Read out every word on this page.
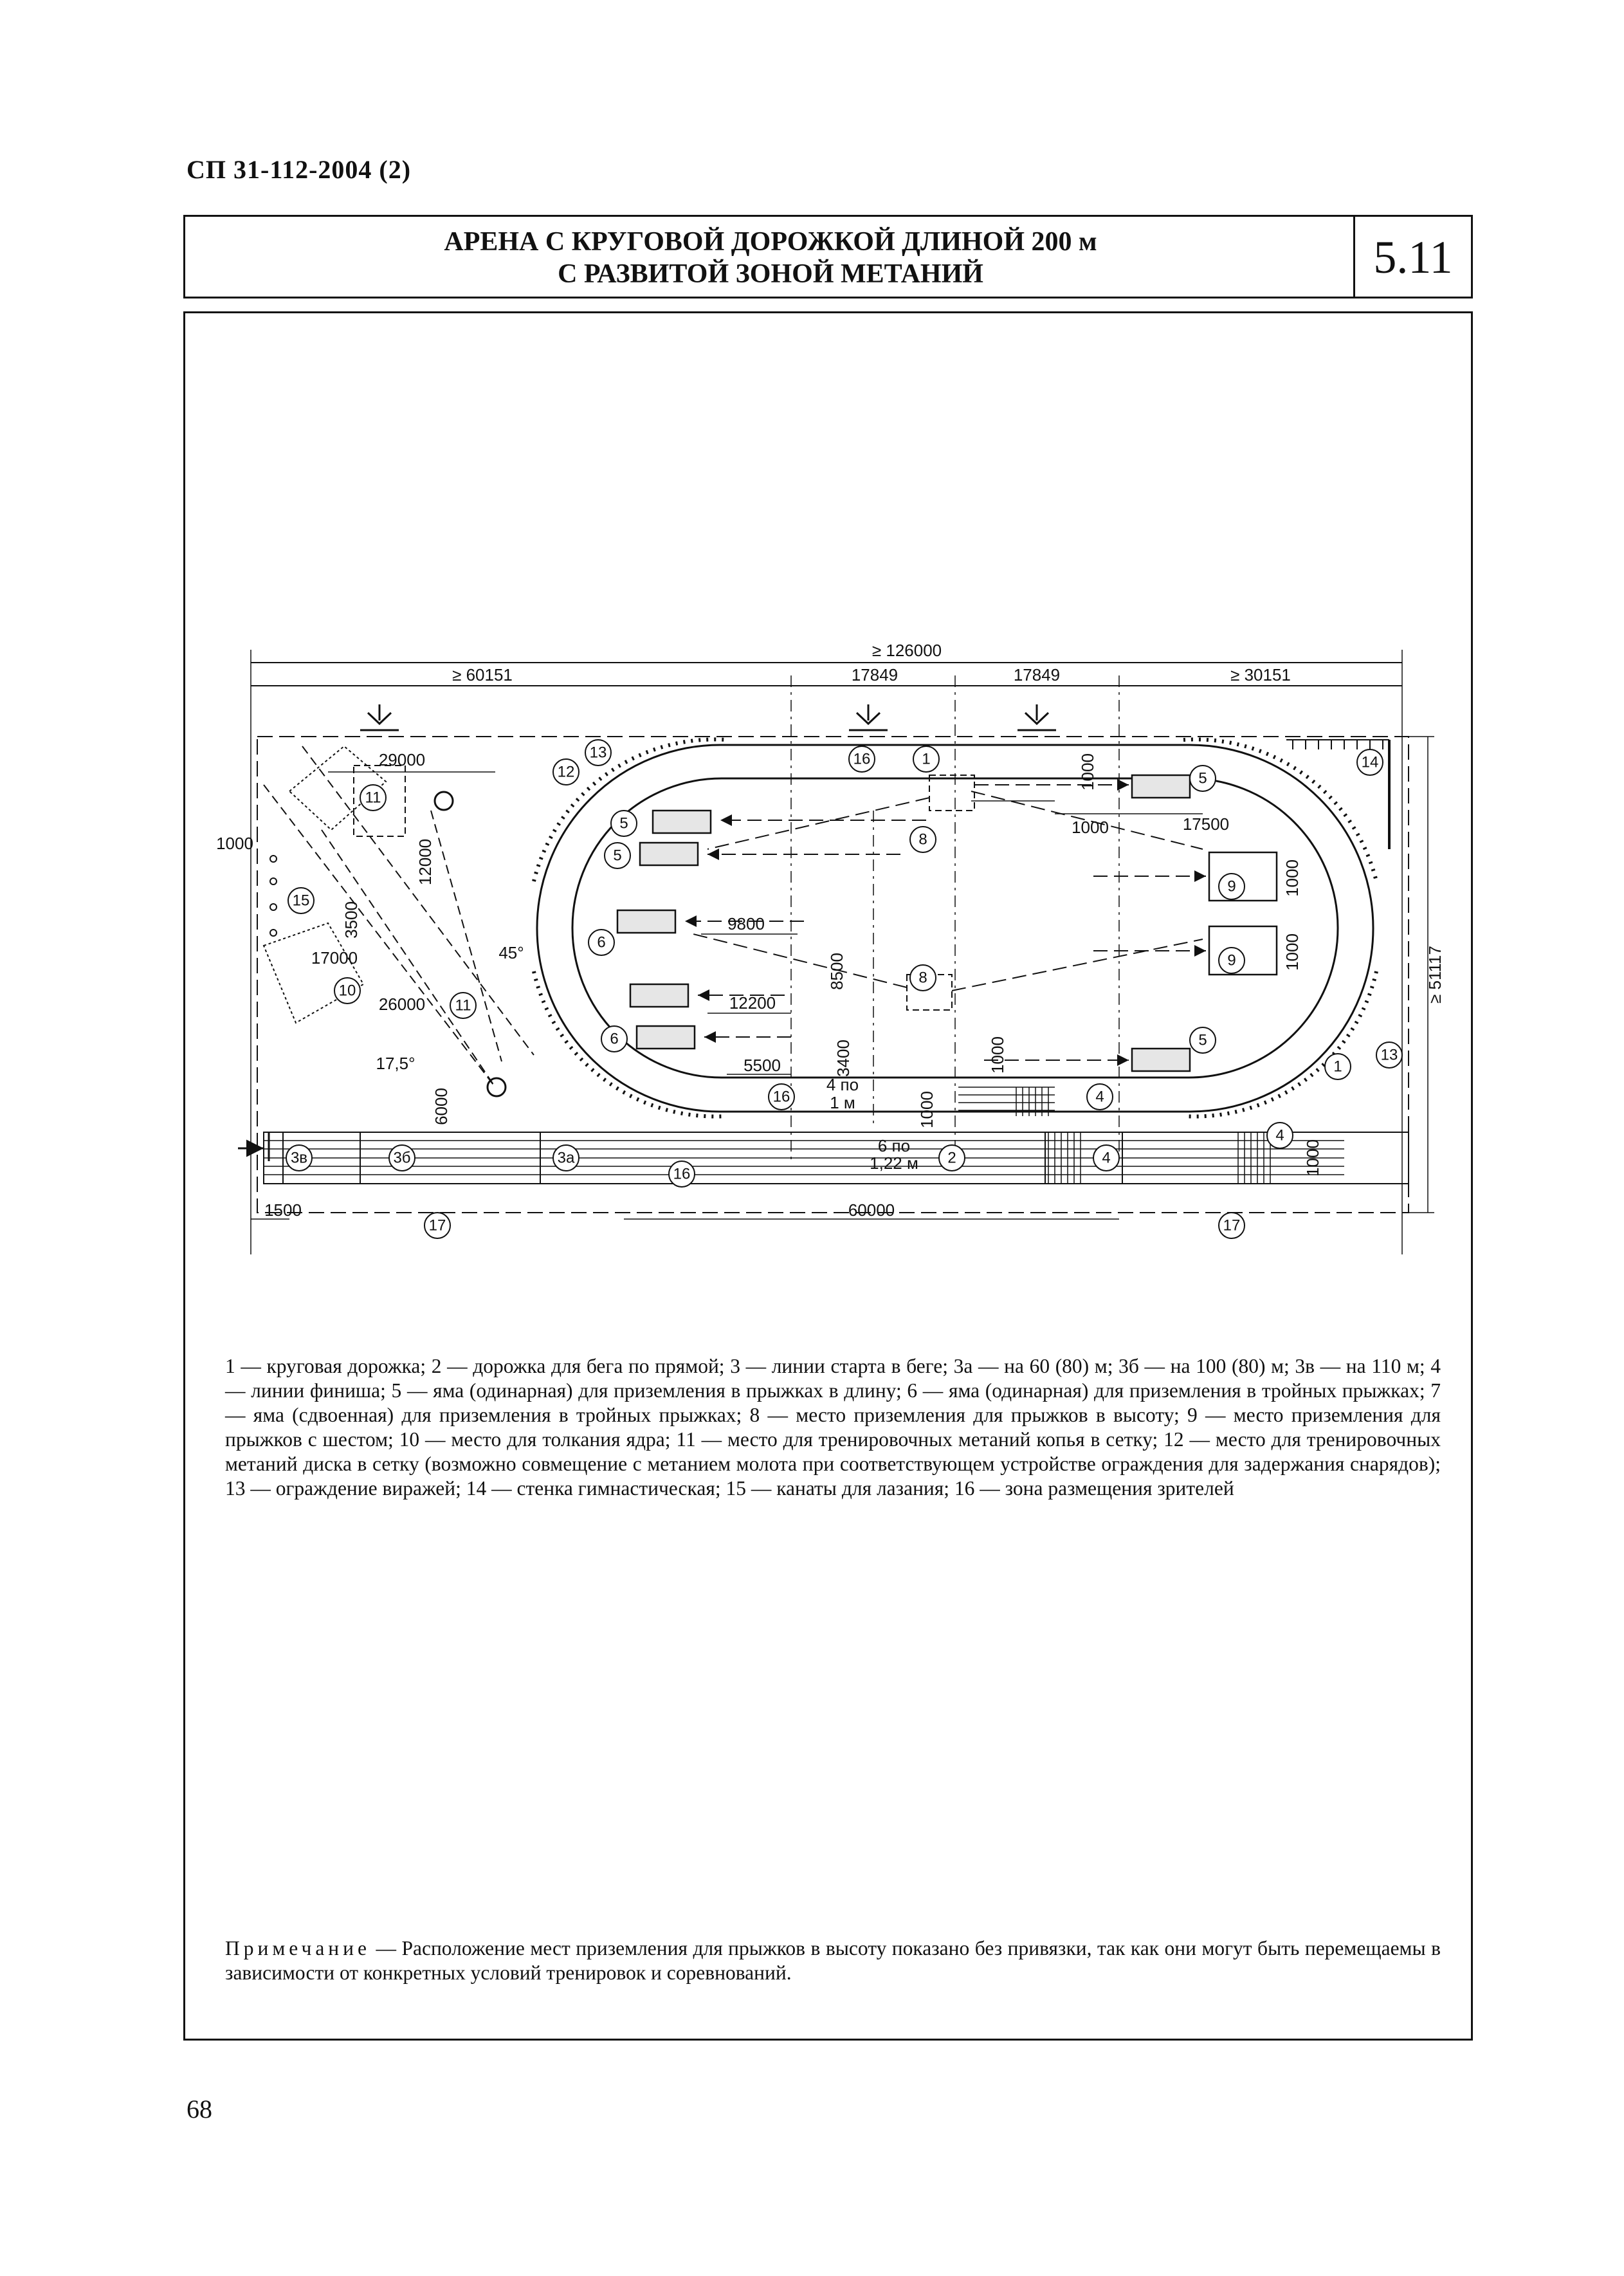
СП 31-112-2004 (2)
АРЕНА С КРУГОВОЙ ДОРОЖКОЙ ДЛИНОЙ 200 м
С РАЗВИТОЙ ЗОНОЙ МЕТАНИЙ	5.11
≥ 126000
≥ 60151	17849	17849	≥ 30151
≥ 51117
29000
12000
1000
3500
17000	45°
26000
17,5°
6000
9800
12200
8500
5500	3400
4 по
1 м
6 по
1,22 м
17500
1000
1000
1000
1000
1000
1000
1000
1500	60000
1
16
13
12
11
15
10
11
8
8
5
5
6
6
5
5
9
9
1
13
14
4
4
4
16
16
2
3в	3б	3а
17	17
1 — круговая дорожка; 2 — дорожка для бега по прямой; 3 — линии старта в беге; 3а — на 60 (80) м; 3б — на 100 (80) м; 3в — на 110 м; 4 — линии финиша; 5 — яма (одинарная) для приземления в прыжках в длину; 6 — яма (одинарная) для приземления в тройных прыжках; 7 — яма (сдвоенная) для приземления в тройных прыжках; 8 — место приземления для прыжков в высоту; 9 — место приземления для прыжков с шестом; 10 — место для толкания ядра; 11 — место для тренировочных метаний копья в сетку; 12 — место для тренировочных метаний диска в сетку (возможно совмещение с метанием молота при соответствующем устройстве ограждения для задержания снарядов); 13 — ограждение виражей; 14 — стенка гимнастическая; 15 — канаты для лазания; 16 — зона размещения зрителей
Примечание — Расположение мест приземления для прыжков в высоту показано без привязки, так как они могут быть перемещаемы в зависимости от конкретных условий тренировок и соревнований.
68
